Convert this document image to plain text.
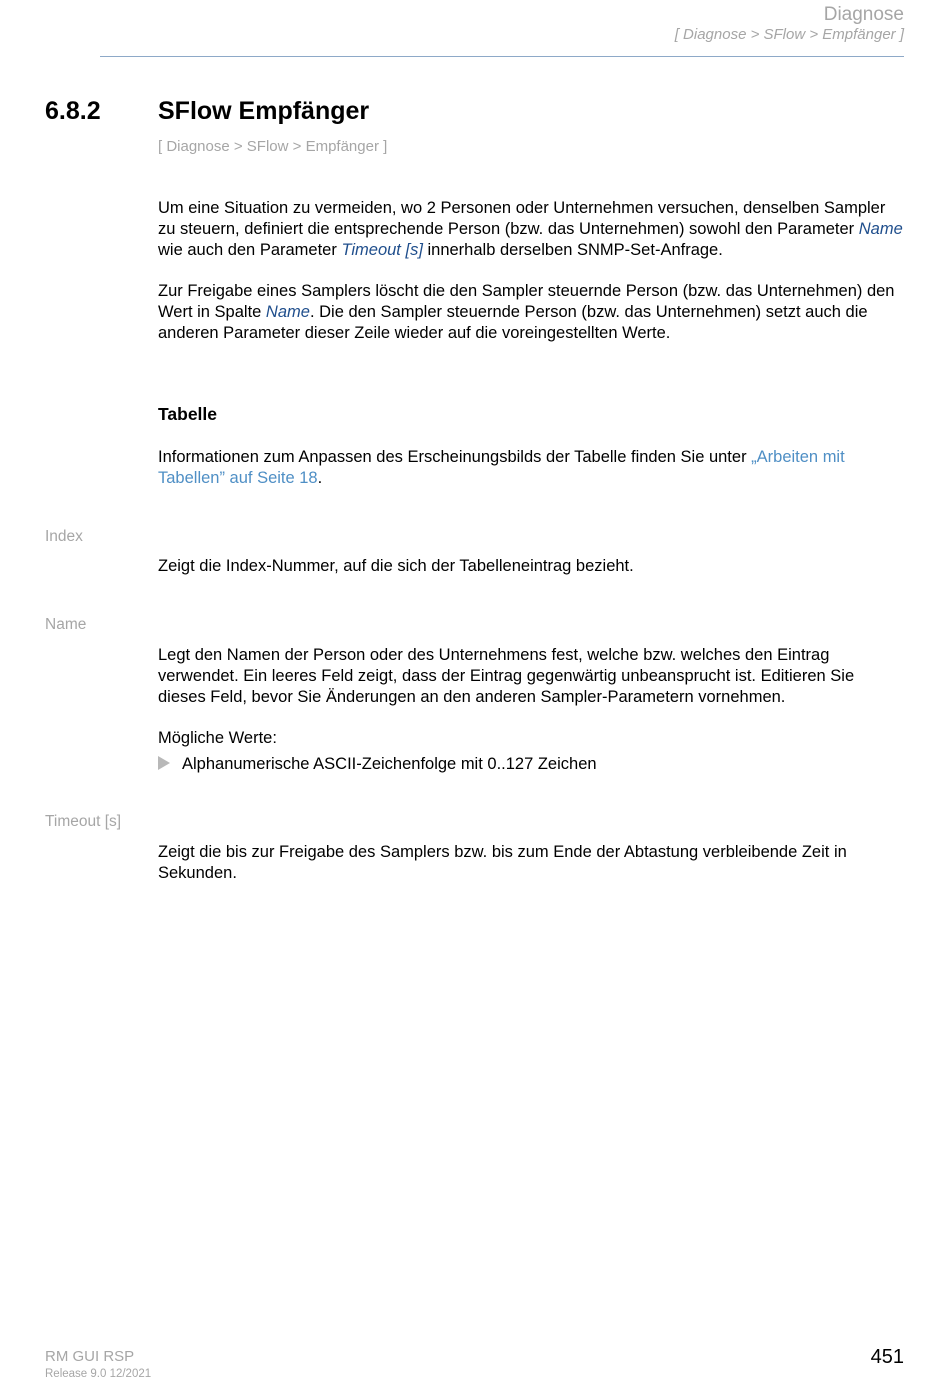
Diagnose
[ Diagnose > SFlow > Empfänger ]
6.8.2 SFlow Empfänger
[ Diagnose > SFlow > Empfänger ]

Um eine Situation zu vermeiden, wo 2 Personen oder Unternehmen versuchen, denselben Sampler zu steuern, definiert die entsprechende Person (bzw. das Unternehmen) sowohl den Parameter Name wie auch den Parameter Timeout [s] innerhalb derselben SNMP-Set-Anfrage.

Zur Freigabe eines Samplers löscht die den Sampler steuernde Person (bzw. das Unternehmen) den Wert in Spalte Name. Die den Sampler steuernde Person (bzw. das Unternehmen) setzt auch die anderen Parameter dieser Zeile wieder auf die voreingestellten Werte.

Tabelle

Informationen zum Anpassen des Erscheinungsbilds der Tabelle finden Sie unter „Arbeiten mit Tabellen” auf Seite 18.

Index
Zeigt die Index-Nummer, auf die sich der Tabelleneintrag bezieht.
Name
Legt den Namen der Person oder des Unternehmens fest, welche bzw. welches den Eintrag verwendet. Ein leeres Feld zeigt, dass der Eintrag gegenwärtig unbeansprucht ist. Editieren Sie dieses Feld, bevor Sie Änderungen an den anderen Sampler-Parametern vornehmen.
Mögliche Werte:
Alphanumerische ASCII-Zeichenfolge mit 0..127 Zeichen
Timeout [s]
Zeigt die bis zur Freigabe des Samplers bzw. bis zum Ende der Abtastung verbleibende Zeit in Sekunden.
RM GUI RSP
Release 9.0 12/2021
451
